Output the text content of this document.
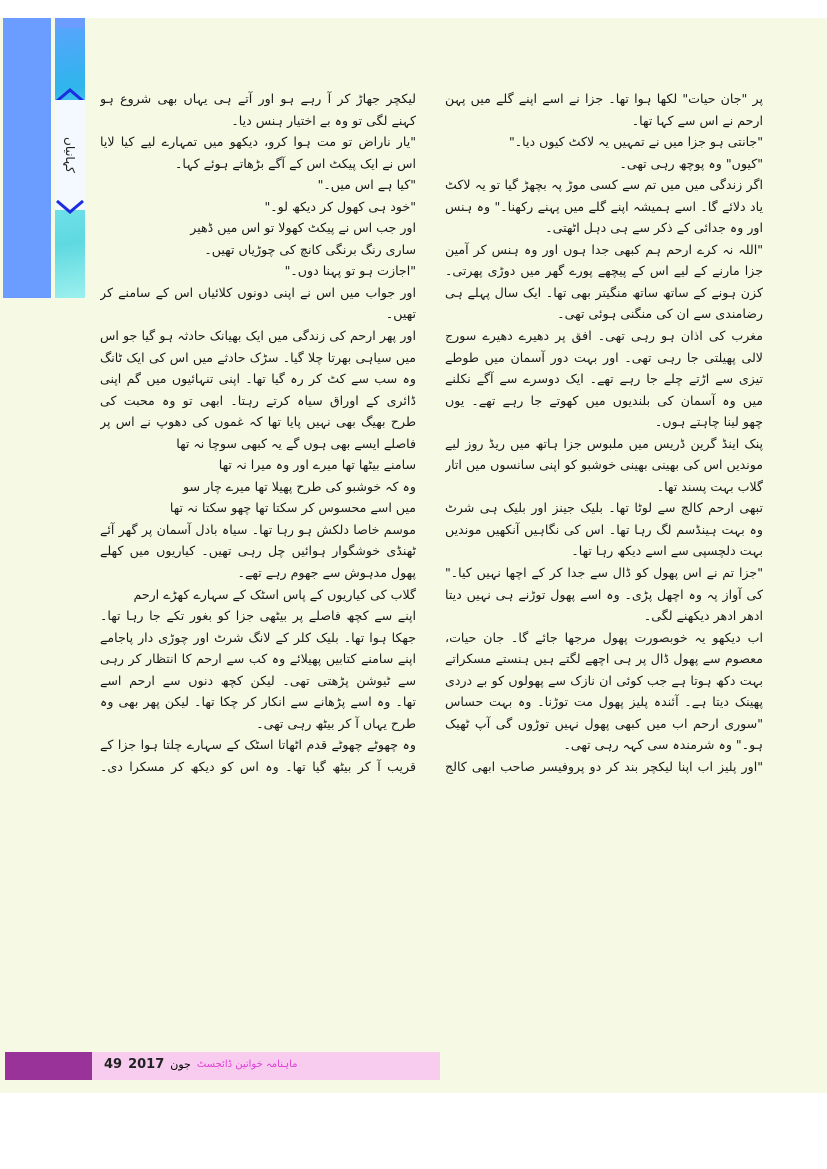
کہانیاں
پر "جان حیات" لکھا ہوا تھا۔ جزا نے اسے اپنے گلے میں پہن
ارحم نے اس سے کہا تھا۔
"جانتی ہو جزا میں نے تمہیں یہ لاکٹ کیوں دیا۔"
"کیوں" وہ پوچھ رہی تھی۔
اگر زندگی میں میں تم سے کسی موڑ پہ بچھڑ گیا تو یہ لاکٹ
یاد دلائے گا۔ اسے ہمیشہ اپنے گلے میں پہنے رکھنا۔" وہ ہنس
اور وہ جدائی کے ذکر سے ہی دہل اٹھتی۔
"اللہ نہ کرے ارحم ہم کبھی جدا ہوں اور وہ ہنس کر آمین
جزا مارنے کے لیے اس کے پیچھے پورے گھر میں دوڑی پھرتی۔
کزن ہونے کے ساتھ ساتھ منگیتر بھی تھا۔ ایک سال پہلے ہی
رضامندی سے ان کی منگنی ہوئی تھی۔
مغرب کی اذان ہو رہی تھی۔ افق پر دھیرے دھیرے سورج
لالی پھیلتی جا رہی تھی۔ اور بہت دور آسمان میں طوطے
تیزی سے اڑتے چلے جا رہے تھے۔ ایک دوسرے سے آگے نکلنے
میں وہ آسمان کی بلندیوں میں کھوتے جا رہے تھے۔ یوں
چھو لینا چاہتے ہوں۔
پنک اینڈ گرین ڈریس میں ملبوس جزا ہاتھ میں ریڈ روز لیے
موندیں اس کی بھینی بھینی خوشبو کو اپنی سانسوں میں اتار
گلاب بہت پسند تھا۔
تبھی ارحم کالج سے لوٹا تھا۔ بلیک جینز اور بلیک ہی شرٹ
وہ بہت ہینڈسم لگ رہا تھا۔ اس کی نگاہیں آنکھیں موندیں
بہت دلچسپی سے اسے دیکھ رہا تھا۔
"جزا تم نے اس پھول کو ڈال سے جدا کر کے اچھا نہیں کیا۔"
کی آواز پہ وہ اچھل پڑی۔ وہ اسے پھول توڑنے ہی نہیں دیتا
ادھر ادھر دیکھنے لگی۔
اب دیکھو یہ خوبصورت پھول مرجھا جائے گا۔ جان حیات،
معصوم سے پھول ڈال پر ہی اچھے لگتے ہیں ہنستے مسکراتے
بہت دکھ ہوتا ہے جب کوئی ان نازک سے پھولوں کو بے دردی
پھینک دیتا ہے۔ آئندہ پلیز پھول مت توڑنا۔ وہ بہت حساس
"سوری ارحم اب میں کبھی پھول نہیں توڑوں گی آپ ٹھیک
ہو۔" وہ شرمندہ سی کہہ رہی تھی۔
"اور پلیز اب اپنا لیکچر بند کر دو پروفیسر صاحب ابھی کالج
لیکچر جھاڑ کر آ رہے ہو اور آتے ہی یہاں بھی شروع ہو
کہنے لگی تو وہ بے اختیار ہنس دیا۔
"یار ناراض تو مت ہوا کرو، دیکھو میں تمہارے لیے کیا لایا
اس نے ایک پیکٹ اس کے آگے بڑھاتے ہوئے کہا۔
"کیا ہے اس میں۔"
"خود ہی کھول کر دیکھ لو۔"
اور جب اس نے پیکٹ کھولا تو اس میں ڈھیر
ساری رنگ برنگی کانچ کی چوڑیاں تھیں۔
"اجازت ہو تو پہنا دوں۔"
اور جواب میں اس نے اپنی دونوں کلائیاں اس کے سامنے کر
تھیں۔
اور پھر ارحم کی زندگی میں ایک بھیانک حادثہ ہو گیا جو اس
میں سیاہی بھرتا چلا گیا۔ سڑک حادثے میں اس کی ایک ٹانگ
وہ سب سے کٹ کر رہ گیا تھا۔ اپنی تنہائیوں میں گم اپنی
ڈائری کے اوراق سیاہ کرتے رہتا۔ ابھی تو وہ محبت کی
طرح بھیگ بھی نہیں پایا تھا کہ غموں کی دھوپ نے اس پر
فاصلے ایسے بھی ہوں گے یہ کبھی سوچا نہ تھا
سامنے بیٹھا تھا میرے اور وہ میرا نہ تھا
وہ کہ خوشبو کی طرح پھیلا تھا میرے چار سو
میں اسے محسوس کر سکتا تھا چھو سکتا نہ تھا
موسم خاصا دلکش ہو رہا تھا۔ سیاہ بادل آسمان پر گھر آئے
ٹھنڈی خوشگوار ہوائیں چل رہی تھیں۔ کیاریوں میں کھلے
پھول مدہوش سے جھوم رہے تھے۔
گلاب کی کیاریوں کے پاس اسٹک کے سہارے کھڑے ارحم
اپنے سے کچھ فاصلے پر بیٹھی جزا کو بغور تکے جا رہا تھا۔
جھکا ہوا تھا۔ بلیک کلر کے لانگ شرٹ اور چوڑی دار پاجامے
اپنے سامنے کتابیں پھیلائے وہ کب سے ارحم کا انتظار کر رہی
سے ٹیوشن پڑھتی تھی۔ لیکن کچھ دنوں سے ارحم اسے
تھا۔ وہ اسے پڑھانے سے انکار کر چکا تھا۔ لیکن پھر بھی وہ
طرح یہاں آ کر بیٹھ رہی تھی۔
وہ چھوٹے چھوٹے قدم اٹھاتا اسٹک کے سہارے چلتا ہوا جزا کے
قریب آ کر بیٹھ گیا تھا۔ وہ اس کو دیکھ کر مسکرا دی۔
49 2017 جون ماہنامہ خواتین ڈائجسٹ
